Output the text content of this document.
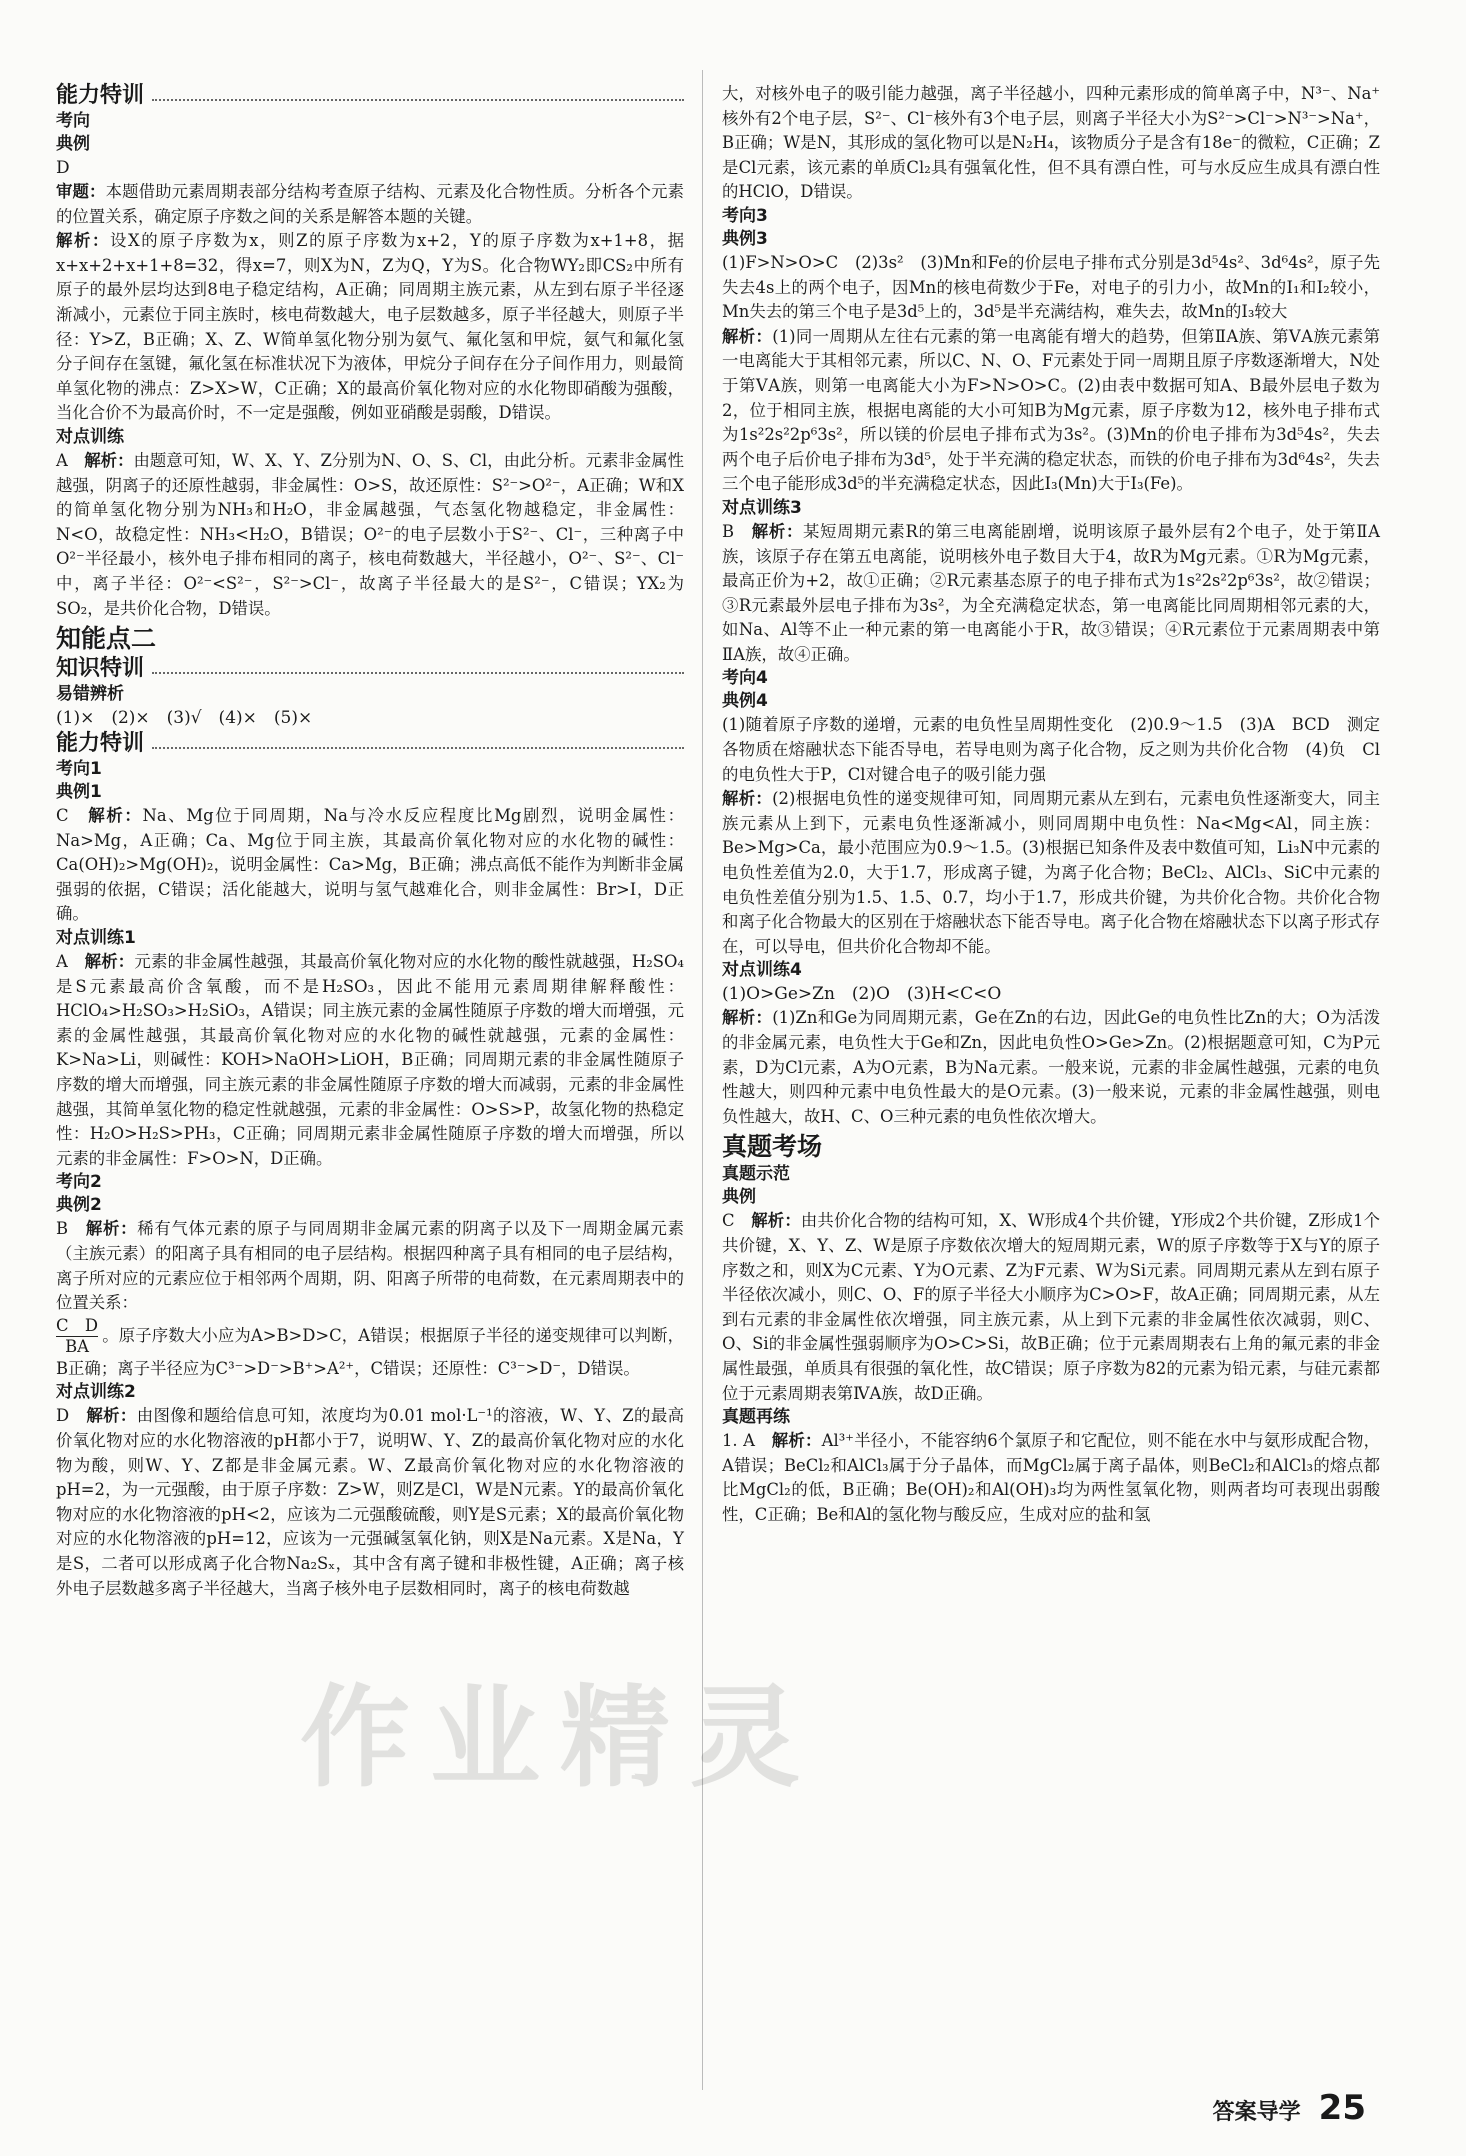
能力特训
考向
典例
D

审题：本题借助元素周期表部分结构考查原子结构、元素及化合物性质。分析各个元素的位置关系，确定原子序数之间的关系是解答本题的关键。

解析：设X的原子序数为x，则Z的原子序数为x+2，Y的原子序数为x+1+8，据x+x+2+x+1+8=32，得x=7，则X为N，Z为Q，Y为S。化合物WY₂即CS₂中所有原子的最外层均达到8电子稳定结构，A正确；同周期主族元素，从左到右原子半径逐渐减小，元素位于同主族时，核电荷数越大，电子层数越多，原子半径越大，则原子半径：Y>Z，B正确；X、Z、W简单氢化物分别为氨气、氟化氢和甲烷，氨气和氟化氢分子间存在氢键，氟化氢在标准状况下为液体，甲烷分子间存在分子间作用力，则最简单氢化物的沸点：Z>X>W，C正确；X的最高价氧化物对应的水化物即硝酸为强酸，当化合价不为最高价时，不一定是强酸，例如亚硝酸是弱酸，D错误。

对点训练

A　解析：由题意可知，W、X、Y、Z分别为N、O、S、Cl，由此分析。元素非金属性越强，阴离子的还原性越弱，非金属性：O>S，故还原性：S²⁻>O²⁻，A正确；W和X的简单氢化物分别为NH₃和H₂O，非金属越强，气态氢化物越稳定，非金属性：N<O，故稳定性：NH₃<H₂O，B错误；O²⁻的电子层数小于S²⁻、Cl⁻，三种离子中O²⁻半径最小，核外电子排布相同的离子，核电荷数越大，半径越小，O²⁻、S²⁻、Cl⁻中，离子半径：O²⁻<S²⁻，S²⁻>Cl⁻，故离子半径最大的是S²⁻，C错误；YX₂为SO₂，是共价化合物，D错误。

知能点二
知识特训
易错辨析
(1)×　(2)×　(3)√　(4)×　(5)×
能力特训
考向1
典例1

C　解析：Na、Mg位于同周期，Na与冷水反应程度比Mg剧烈，说明金属性：Na>Mg，A正确；Ca、Mg位于同主族，其最高价氧化物对应的水化物的碱性：Ca(OH)₂>Mg(OH)₂，说明金属性：Ca>Mg，B正确；沸点高低不能作为判断非金属强弱的依据，C错误；活化能越大，说明与氢气越难化合，则非金属性：Br>I，D正确。

对点训练1

A　解析：元素的非金属性越强，其最高价氧化物对应的水化物的酸性就越强，H₂SO₄是S元素最高价含氧酸，而不是H₂SO₃，因此不能用元素周期律解释酸性：HClO₄>H₂SO₃>H₂SiO₃，A错误；同主族元素的金属性随原子序数的增大而增强，元素的金属性越强，其最高价氧化物对应的水化物的碱性就越强，元素的金属性：K>Na>Li，则碱性：KOH>NaOH>LiOH，B正确；同周期元素的非金属性随原子序数的增大而增强，同主族元素的非金属性随原子序数的增大而减弱，元素的非金属性越强，其简单氢化物的稳定性就越强，元素的非金属性：O>S>P，故氢化物的热稳定性：H₂O>H₂S>PH₃，C正确；同周期元素非金属性随原子序数的增大而增强，所以元素的非金属性：F>O>N，D正确。

考向2
典例2

B　解析：稀有气体元素的原子与同周期非金属元素的阴离子以及下一周期金属元素（主族元素）的阳离子具有相同的电子层结构。根据四种离子具有相同的电子层结构，离子所对应的元素应位于相邻两个周期，阴、阳离子所带的电荷数，在元素周期表中的位置关系：

$\frac{\text{C　D}}{BA}$ 。原子序数大小应为A>B>D>C，A错误；根据原子半径的递变规律可以判断，B正确；离子半径应为C³⁻>D⁻>B⁺>A²⁺，C错误；还原性：C³⁻>D⁻，D错误。

对点训练2

D　解析：由图像和题给信息可知，浓度均为0.01 mol·L⁻¹的溶液，W、Y、Z的最高价氧化物对应的水化物溶液的pH都小于7，说明W、Y、Z的最高价氧化物对应的水化物为酸，则W、Y、Z都是非金属元素。W、Z最高价氧化物对应的水化物溶液的pH=2，为一元强酸，由于原子序数：Z>W，则Z是Cl，W是N元素。Y的最高价氧化物对应的水化物溶液的pH<2，应该为二元强酸硫酸，则Y是S元素；X的最高价氧化物对应的水化物溶液的pH=12，应该为一元强碱氢氧化钠，则X是Na元素。X是Na，Y是S，二者可以形成离子化合物Na₂Sₓ，其中含有离子键和非极性键，A正确；离子核外电子层数越多离子半径越大，当离子核外电子层数相同时，离子的核电荷数越

大，对核外电子的吸引能力越强，离子半径越小，四种元素形成的简单离子中，N³⁻、Na⁺核外有2个电子层，S²⁻、Cl⁻核外有3个电子层，则离子半径大小为S²⁻>Cl⁻>N³⁻>Na⁺，B正确；W是N，其形成的氢化物可以是N₂H₄，该物质分子是含有18e⁻的微粒，C正确；Z是Cl元素，该元素的单质Cl₂具有强氧化性，但不具有漂白性，可与水反应生成具有漂白性的HClO，D错误。

考向3
典例3

(1)F>N>O>C　(2)3s²　(3)Mn和Fe的价层电子排布式分别是3d⁵4s²、3d⁶4s²，原子先失去4s上的两个电子，因Mn的核电荷数少于Fe，对电子的引力小，故Mn的I₁和I₂较小，Mn失去的第三个电子是3d⁵上的，3d⁵是半充满结构，难失去，故Mn的I₃较大

解析：(1)同一周期从左往右元素的第一电离能有增大的趋势，但第ⅡA族、第ⅤA族元素第一电离能大于其相邻元素，所以C、N、O、F元素处于同一周期且原子序数逐渐增大，N处于第ⅤA族，则第一电离能大小为F>N>O>C。(2)由表中数据可知A、B最外层电子数为2，位于相同主族，根据电离能的大小可知B为Mg元素，原子序数为12，核外电子排布式为1s²2s²2p⁶3s²，所以镁的价层电子排布式为3s²。(3)Mn的价电子排布为3d⁵4s²，失去两个电子后价电子排布为3d⁵，处于半充满的稳定状态，而铁的价电子排布为3d⁶4s²，失去三个电子能形成3d⁵的半充满稳定状态，因此I₃(Mn)大于I₃(Fe)。

对点训练3

B　解析：某短周期元素R的第三电离能剧增，说明该原子最外层有2个电子，处于第ⅡA族，该原子存在第五电离能，说明核外电子数目大于4，故R为Mg元素。①R为Mg元素，最高正价为+2，故①正确；②R元素基态原子的电子排布式为1s²2s²2p⁶3s²，故②错误；③R元素最外层电子排布为3s²，为全充满稳定状态，第一电离能比同周期相邻元素的大，如Na、Al等不止一种元素的第一电离能小于R，故③错误；④R元素位于元素周期表中第ⅡA族，故④正确。

考向4
典例4

(1)随着原子序数的递增，元素的电负性呈周期性变化　(2)0.9～1.5　(3)A　BCD　测定各物质在熔融状态下能否导电，若导电则为离子化合物，反之则为共价化合物　(4)负　Cl的电负性大于P，Cl对键合电子的吸引能力强

解析：(2)根据电负性的递变规律可知，同周期元素从左到右，元素电负性逐渐变大，同主族元素从上到下，元素电负性逐渐减小，则同周期中电负性：Na<Mg<Al，同主族：Be>Mg>Ca，最小范围应为0.9～1.5。(3)根据已知条件及表中数值可知，Li₃N中元素的电负性差值为2.0，大于1.7，形成离子键，为离子化合物；BeCl₂、AlCl₃、SiC中元素的电负性差值分别为1.5、1.5、0.7，均小于1.7，形成共价键，为共价化合物。共价化合物和离子化合物最大的区别在于熔融状态下能否导电。离子化合物在熔融状态下以离子形式存在，可以导电，但共价化合物却不能。

对点训练4
(1)O>Ge>Zn　(2)O　(3)H<C<O

解析：(1)Zn和Ge为同周期元素，Ge在Zn的右边，因此Ge的电负性比Zn的大；O为活泼的非金属元素，电负性大于Ge和Zn，因此电负性O>Ge>Zn。(2)根据题意可知，C为P元素，D为Cl元素，A为O元素，B为Na元素。一般来说，元素的非金属性越强，元素的电负性越大，则四种元素中电负性最大的是O元素。(3)一般来说，元素的非金属性越强，则电负性越大，故H、C、O三种元素的电负性依次增大。

真题考场
真题示范
典例

C　解析：由共价化合物的结构可知，X、W形成4个共价键，Y形成2个共价键，Z形成1个共价键，X、Y、Z、W是原子序数依次增大的短周期元素，W的原子序数等于X与Y的原子序数之和，则X为C元素、Y为O元素、Z为F元素、W为Si元素。同周期元素从左到右原子半径依次减小，则C、O、F的原子半径大小顺序为C>O>F，故A正确；同周期元素，从左到右元素的非金属性依次增强，同主族元素，从上到下元素的非金属性依次减弱，则C、O、Si的非金属性强弱顺序为O>C>Si，故B正确；位于元素周期表右上角的氟元素的非金属性最强，单质具有很强的氧化性，故C错误；原子序数为82的元素为铅元素，与硅元素都位于元素周期表第ⅣA族，故D正确。

真题再练

1. A　解析：Al³⁺半径小，不能容纳6个氯原子和它配位，则不能在水中与氨形成配合物，A错误；BeCl₂和AlCl₃属于分子晶体，而MgCl₂属于离子晶体，则BeCl₂和AlCl₃的熔点都比MgCl₂的低，B正确；Be(OH)₂和Al(OH)₃均为两性氢氧化物，则两者均可表现出弱酸性，C正确；Be和Al的氢化物与酸反应，生成对应的盐和氢

作业精灵
答案导学 25
